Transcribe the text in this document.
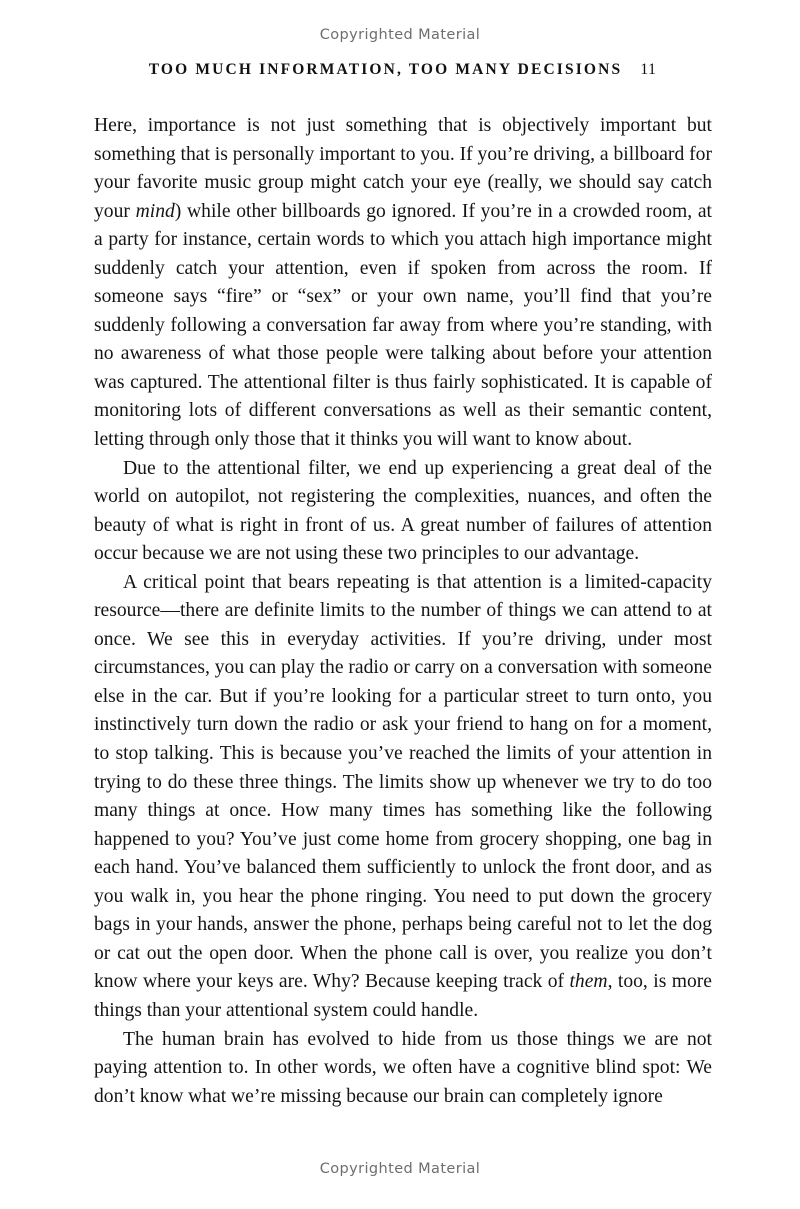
Copyrighted Material
TOO MUCH INFORMATION, TOO MANY DECISIONS 11

Here, importance is not just something that is objectively important but something that is personally important to you. If you’re driving, a billboard for your favorite music group might catch your eye (really, we should say catch your mind) while other billboards go ignored. If you’re in a crowded room, at a party for instance, certain words to which you attach high importance might suddenly catch your attention, even if spoken from across the room. If someone says “fire” or “sex” or your own name, you’ll find that you’re suddenly following a conversation far away from where you’re standing, with no awareness of what those people were talking about before your attention was captured. The attentional filter is thus fairly sophisticated. It is capable of monitoring lots of different conversations as well as their semantic content, letting through only those that it thinks you will want to know about.

Due to the attentional filter, we end up experiencing a great deal of the world on autopilot, not registering the complexities, nuances, and often the beauty of what is right in front of us. A great number of failures of attention occur because we are not using these two principles to our advantage.

A critical point that bears repeating is that attention is a limited-capacity resource—there are definite limits to the number of things we can attend to at once. We see this in everyday activities. If you’re driving, under most circumstances, you can play the radio or carry on a conversation with someone else in the car. But if you’re looking for a particular street to turn onto, you instinctively turn down the radio or ask your friend to hang on for a moment, to stop talking. This is because you’ve reached the limits of your attention in trying to do these three things. The limits show up whenever we try to do too many things at once. How many times has something like the following happened to you? You’ve just come home from grocery shopping, one bag in each hand. You’ve balanced them sufficiently to unlock the front door, and as you walk in, you hear the phone ringing. You need to put down the grocery bags in your hands, answer the phone, perhaps being careful not to let the dog or cat out the open door. When the phone call is over, you realize you don’t know where your keys are. Why? Because keeping track of them, too, is more things than your attentional system could handle.

The human brain has evolved to hide from us those things we are not paying attention to. In other words, we often have a cognitive blind spot: We don’t know what we’re missing because our brain can completely ignore

Copyrighted Material
